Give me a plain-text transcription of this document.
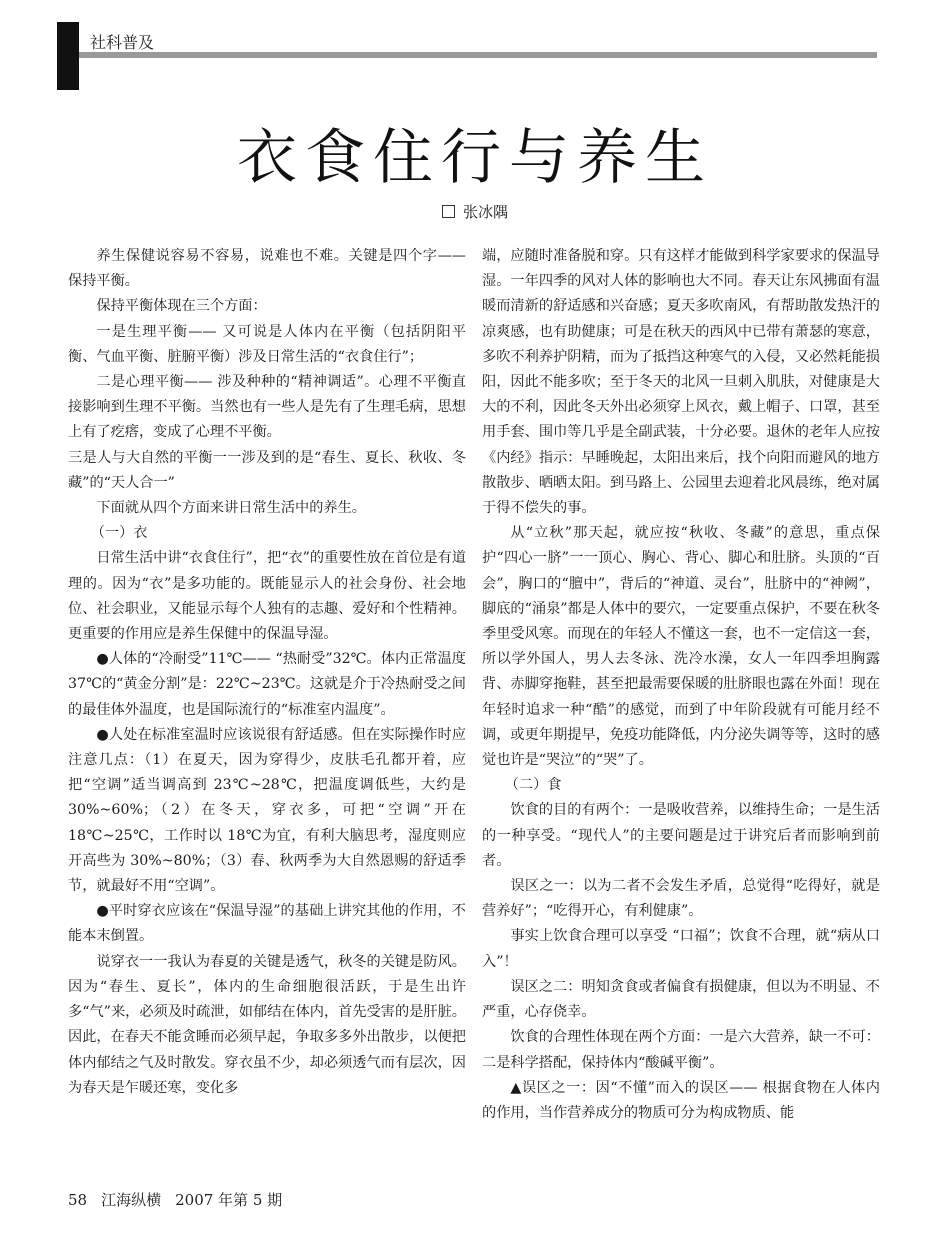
社科普及
衣食住行与养生
张冰隅

养生保健说容易不容易，说难也不难。关键是四个字—— 保持平衡。

保持平衡体现在三个方面：

一是生理平衡—— 又可说是人体内在平衡（包括阴阳平衡、气血平衡、脏腑平衡）涉及日常生活的“衣食住行”；

二是心理平衡—— 涉及种种的“精神调适”。心理不平衡直接影响到生理不平衡。当然也有一些人是先有了生理毛病，思想上有了疙瘩，变成了心理不平衡。

三是人与大自然的平衡一一涉及到的是“春生、夏长、秋收、冬藏”的“天人合一”

下面就从四个方面来讲日常生活中的养生。

（一）衣

日常生活中讲“衣食住行”，把“衣”的重要性放在首位是有道理的。因为“衣”是多功能的。既能显示人的社会身份、社会地位、社会职业，又能显示每个人独有的志趣、爱好和个性精神。更重要的作用应是养生保健中的保温导湿。

●人体的“冷耐受”11℃—— “热耐受”32℃。体内正常温度 37℃的“黄金分割”是：22℃~23℃。这就是介于冷热耐受之间的最佳体外温度，也是国际流行的“标准室内温度”。

●人处在标准室温时应该说很有舒适感。但在实际操作时应注意几点：（1）在夏天，因为穿得少，皮肤毛孔都开着，应把“空调”适当调高到 23℃~28℃，把温度调低些，大约是 30%~60%；（2）在冬天，穿衣多，可把“空调”开在 18℃~25℃，工作时以 18℃为宜，有利大脑思考，湿度则应开高些为 30%~80%；（3）春、秋两季为大自然恩赐的舒适季节，就最好不用“空调”。

●平时穿衣应该在“保温导湿”的基础上讲究其他的作用，不能本末倒置。

说穿衣一一我认为春夏的关键是透气，秋冬的关键是防风。因为“春生、夏长”，体内的生命细胞很活跃，于是生出许多“气”来，必须及时疏泄，如郁结在体内，首先受害的是肝脏。因此，在春天不能贪睡而必须早起，争取多多外出散步，以便把体内郁结之气及时散发。穿衣虽不少，却必须透气而有层次，因为春天是乍暖还寒，变化多

端，应随时准备脱和穿。只有这样才能做到科学家要求的保温导湿。一年四季的风对人体的影响也大不同。春天让东风拂面有温暖而清新的舒适感和兴奋感；夏天多吹南风，有帮助散发热汗的凉爽感，也有助健康；可是在秋天的西风中已带有萧瑟的寒意，多吹不利养护阴精，而为了抵挡这种寒气的入侵，又必然耗能损阳，因此不能多吹；至于冬天的北风一旦刺入肌肤，对健康是大大的不利，因此冬天外出必须穿上风衣，戴上帽子、口罩，甚至用手套、围巾等几乎是全副武装，十分必要。退休的老年人应按《内经》指示：早睡晚起，太阳出来后，找个向阳而避风的地方散散步、晒晒太阳。到马路上、公园里去迎着北风晨练，绝对属于得不偿失的事。

从“立秋”那天起，就应按“秋收、冬藏”的意思，重点保护“四心一脐”一一顶心、胸心、背心、脚心和肚脐。头顶的“百会”，胸口的“膻中”，背后的“神道、灵台”，肚脐中的“神阙”，脚底的“涌泉”都是人体中的要穴，一定要重点保护，不要在秋冬季里受风寒。而现在的年轻人不懂这一套，也不一定信这一套，所以学外国人，男人去冬泳、洗冷水澡，女人一年四季坦胸露背、赤脚穿拖鞋，甚至把最需要保暖的肚脐眼也露在外面！现在年轻时追求一种“酷”的感觉，而到了中年阶段就有可能月经不调，或更年期提早，免疫功能降低，内分泌失调等等，这时的感觉也许是“哭泣”的“哭”了。

（二）食

饮食的目的有两个：一是吸收营养，以维持生命；一是生活的一种享受。“现代人”的主要问题是过于讲究后者而影响到前者。

误区之一：以为二者不会发生矛盾，总觉得“吃得好，就是营养好”；“吃得开心，有利健康”。

事实上饮食合理可以享受 “口福”；饮食不合理，就“病从口入”！

误区之二：明知贪食或者偏食有损健康，但以为不明显、不严重，心存侥幸。

饮食的合理性体现在两个方面：一是六大营养，缺一不可：二是科学搭配，保持体内“酸碱平衡”。

▲误区之一：因“不懂”而入的误区—— 根据食物在人体内的作用，当作营养成分的物质可分为构成物质、能

58 江海纵横 2007 年第 5 期
